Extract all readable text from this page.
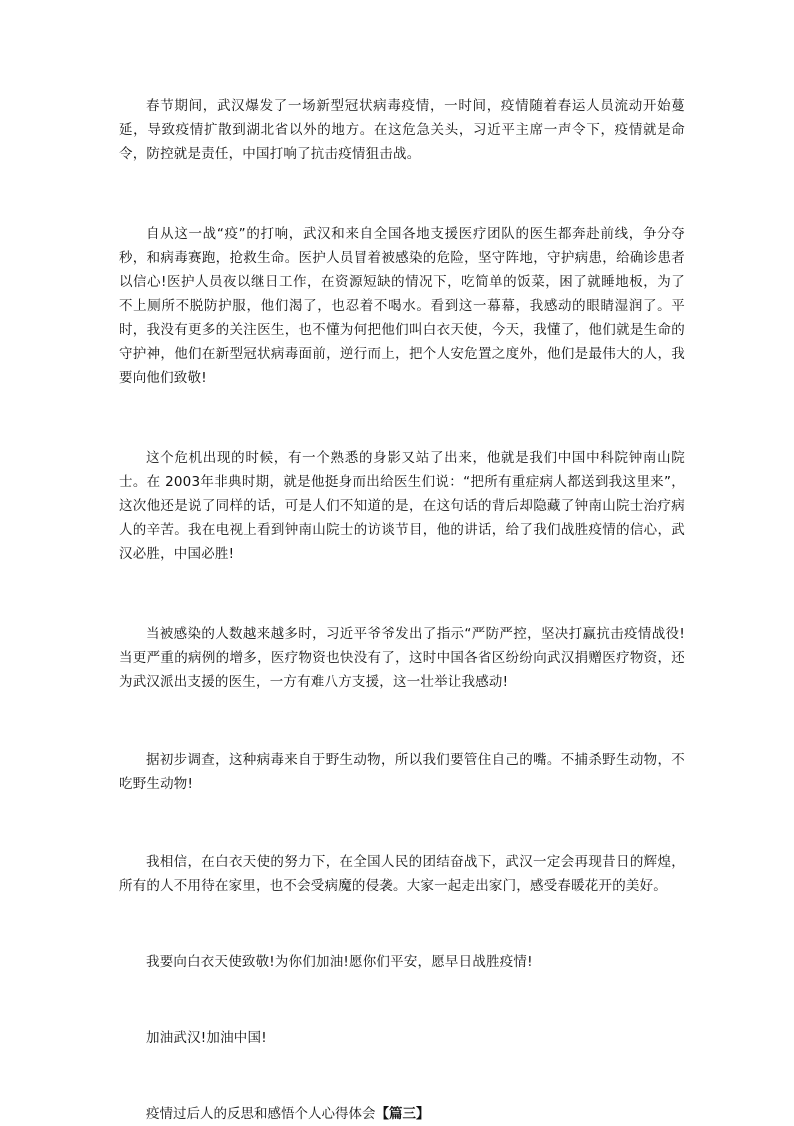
春节期间，武汉爆发了一场新型冠状病毒疫情，一时间，疫情随着春运人员流动开始蔓延，导致疫情扩散到湖北省以外的地方。在这危急关头，习近平主席一声令下，疫情就是命令，防控就是责任，中国打响了抗击疫情狙击战。

自从这一战“疫”的打响，武汉和来自全国各地支援医疗团队的医生都奔赴前线，争分夺秒，和病毒赛跑，抢救生命。医护人员冒着被感染的危险，坚守阵地，守护病患，给确诊患者以信心!医护人员夜以继日工作，在资源短缺的情况下，吃简单的饭菜，困了就睡地板，为了不上厕所不脱防护服，他们渴了，也忍着不喝水。看到这一幕幕，我感动的眼睛湿润了。平时，我没有更多的关注医生，也不懂为何把他们叫白衣天使，今天，我懂了，他们就是生命的守护神，他们在新型冠状病毒面前，逆行而上，把个人安危置之度外，他们是最伟大的人，我要向他们致敬!

这个危机出现的时候，有一个熟悉的身影又站了出来，他就是我们中国中科院钟南山院士。在 2003年非典时期，就是他挺身而出给医生们说：“把所有重症病人都送到我这里来”，这次他还是说了同样的话，可是人们不知道的是，在这句话的背后却隐藏了钟南山院士治疗病人的辛苦。我在电视上看到钟南山院士的访谈节目，他的讲话，给了我们战胜疫情的信心，武汉必胜，中国必胜!

当被感染的人数越来越多时，习近平爷爷发出了指示“严防严控，坚决打赢抗击疫情战役!当更严重的病例的增多，医疗物资也快没有了，这时中国各省区纷纷向武汉捐赠医疗物资，还为武汉派出支援的医生，一方有难八方支援，这一壮举让我感动!

据初步调查，这种病毒来自于野生动物，所以我们要管住自己的嘴。不捕杀野生动物，不吃野生动物!

我相信，在白衣天使的努力下，在全国人民的团结奋战下，武汉一定会再现昔日的辉煌，所有的人不用待在家里，也不会受病魔的侵袭。大家一起走出家门，感受春暖花开的美好。

我要向白衣天使致敬!为你们加油!愿你们平安，愿早日战胜疫情!

加油武汉!加油中国!

疫情过后人的反思和感悟个人心得体会【篇三】
